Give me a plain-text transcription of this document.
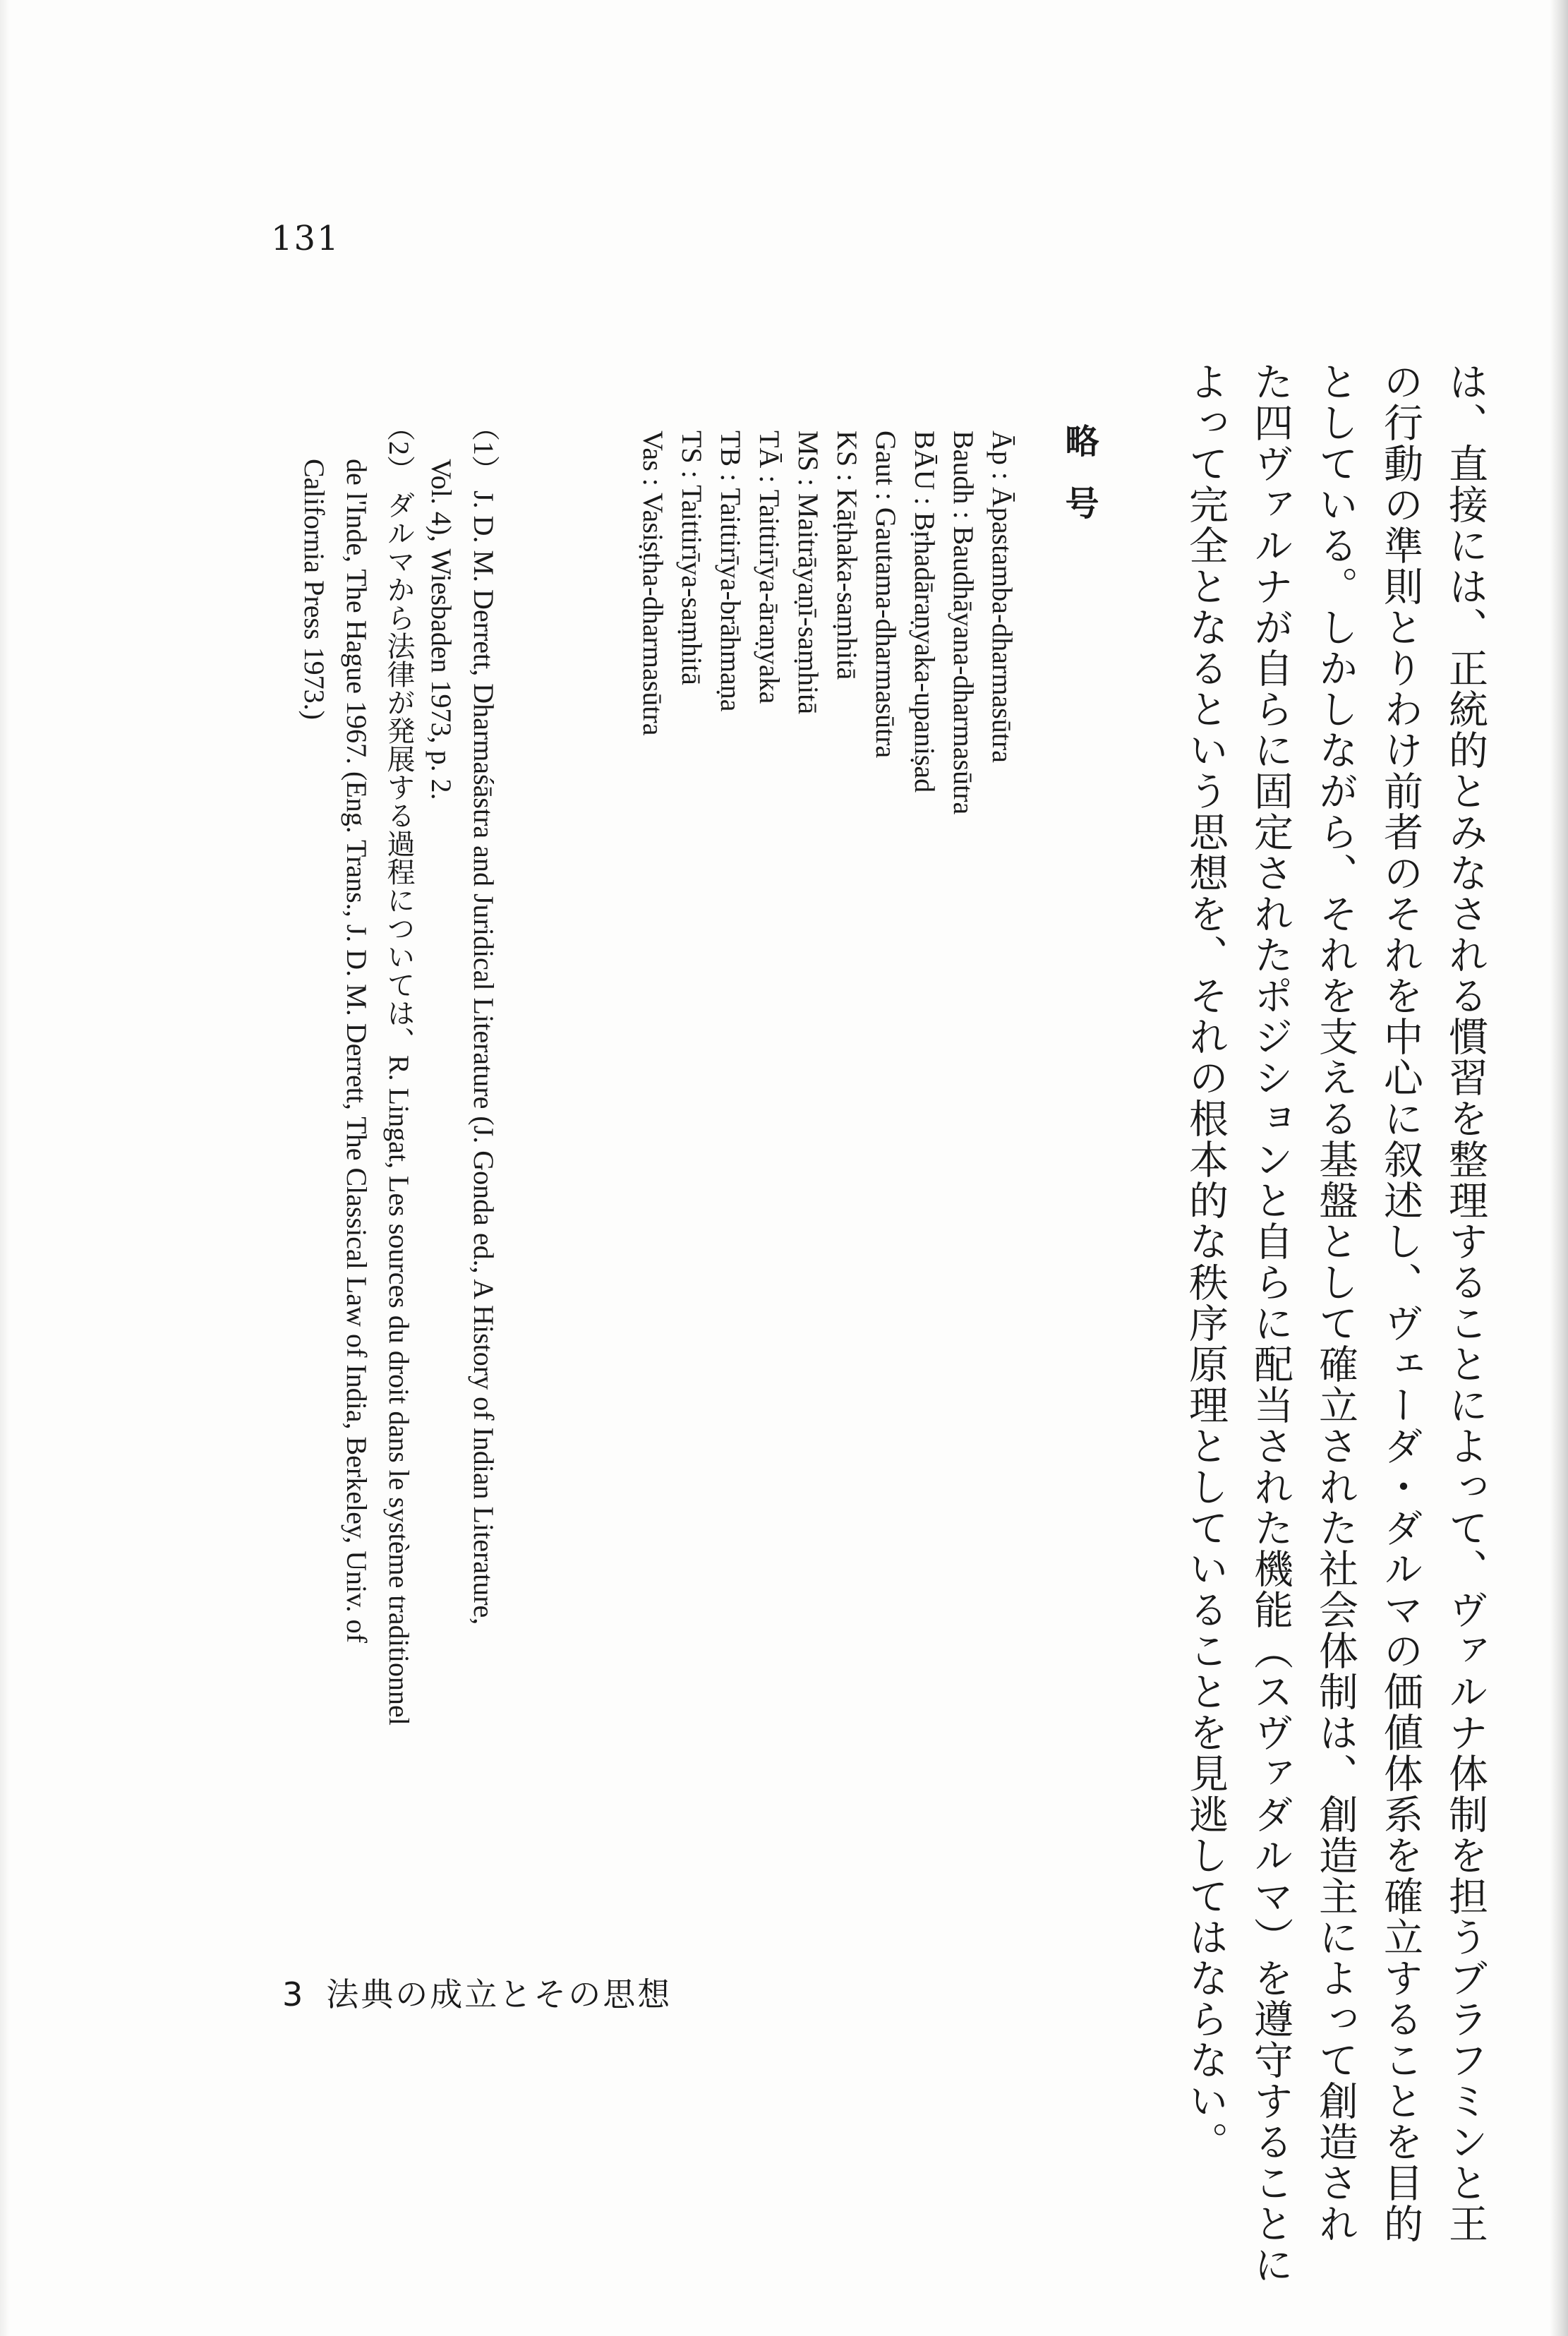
131
は、直接には、正統的とみなされる慣習を整理することによって、ヴァルナ体制を担うブラフミンと王
の行動の準則とりわけ前者のそれを中心に叙述し、ヴェーダ・ダルマの価値体系を確立することを目的
としている。しかしながら、それを支える基盤として確立された社会体制は、創造主によって創造され
た四ヴァルナが自らに固定されたポジションと自らに配当された機能（スヴァダルマ）を遵守することに
よって完全となるという思想を、それの根本的な秩序原理としていることを見逃してはならない。
略号
Āp : Āpastamba-dharmasūtra
Baudh : Baudhāyana-dharmasūtra
BĀU : Bṛhadāraṇyaka-upaniṣad
Gaut : Gautama-dharmasūtra
KS : Kāṭhaka-saṃhitā
MS : Maitrāyaṇī-saṃhitā
TĀ : Taittirīya-āraṇyaka
TB : Taittirīya-brāhmaṇa
TS : Taittirīya-saṃhitā
Vas : Vasiṣṭha-dharmasūtra
（1） J. D. M. Derrett, Dharmaśāstra and Juridical Literature (J. Gonda ed., A History of Indian Literature,
Vol. 4), Wiesbaden 1973, p. 2.
（2） ダルマから法律が発展する過程については、R. Lingat, Les sources du droit dans le système traditionnel
de l'Inde, The Hague 1967. (Eng. Trans., J. D. M. Derrett, The Classical Law of India, Berkeley, Univ. of
California Press 1973.)
3 法典の成立とその思想
